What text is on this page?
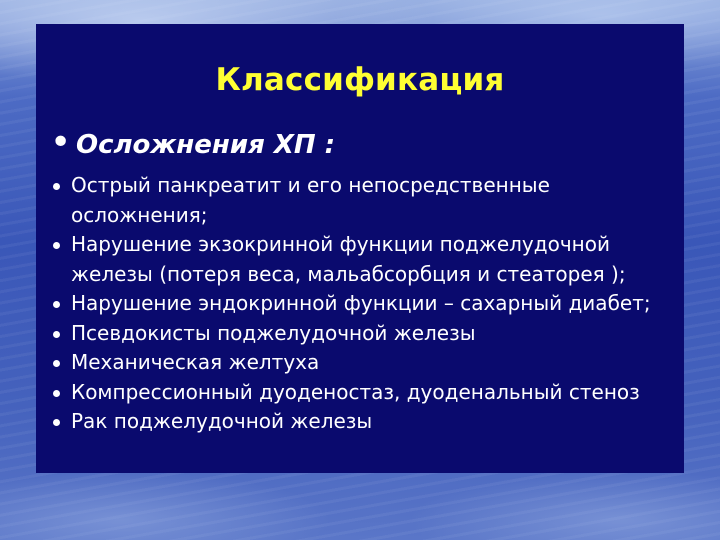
Классификация
• Осложнения ХП :
Острый панкреатит и его непосредственные осложнения;
Нарушение экзокринной функции поджелудочной железы (потеря веса, мальабсорбция и стеаторея );
Нарушение эндокринной функции – сахарный диабет;
Псевдокисты поджелудочной железы
Механическая желтуха
Компрессионный дуоденостаз, дуоденальный стеноз
Рак поджелудочной железы
